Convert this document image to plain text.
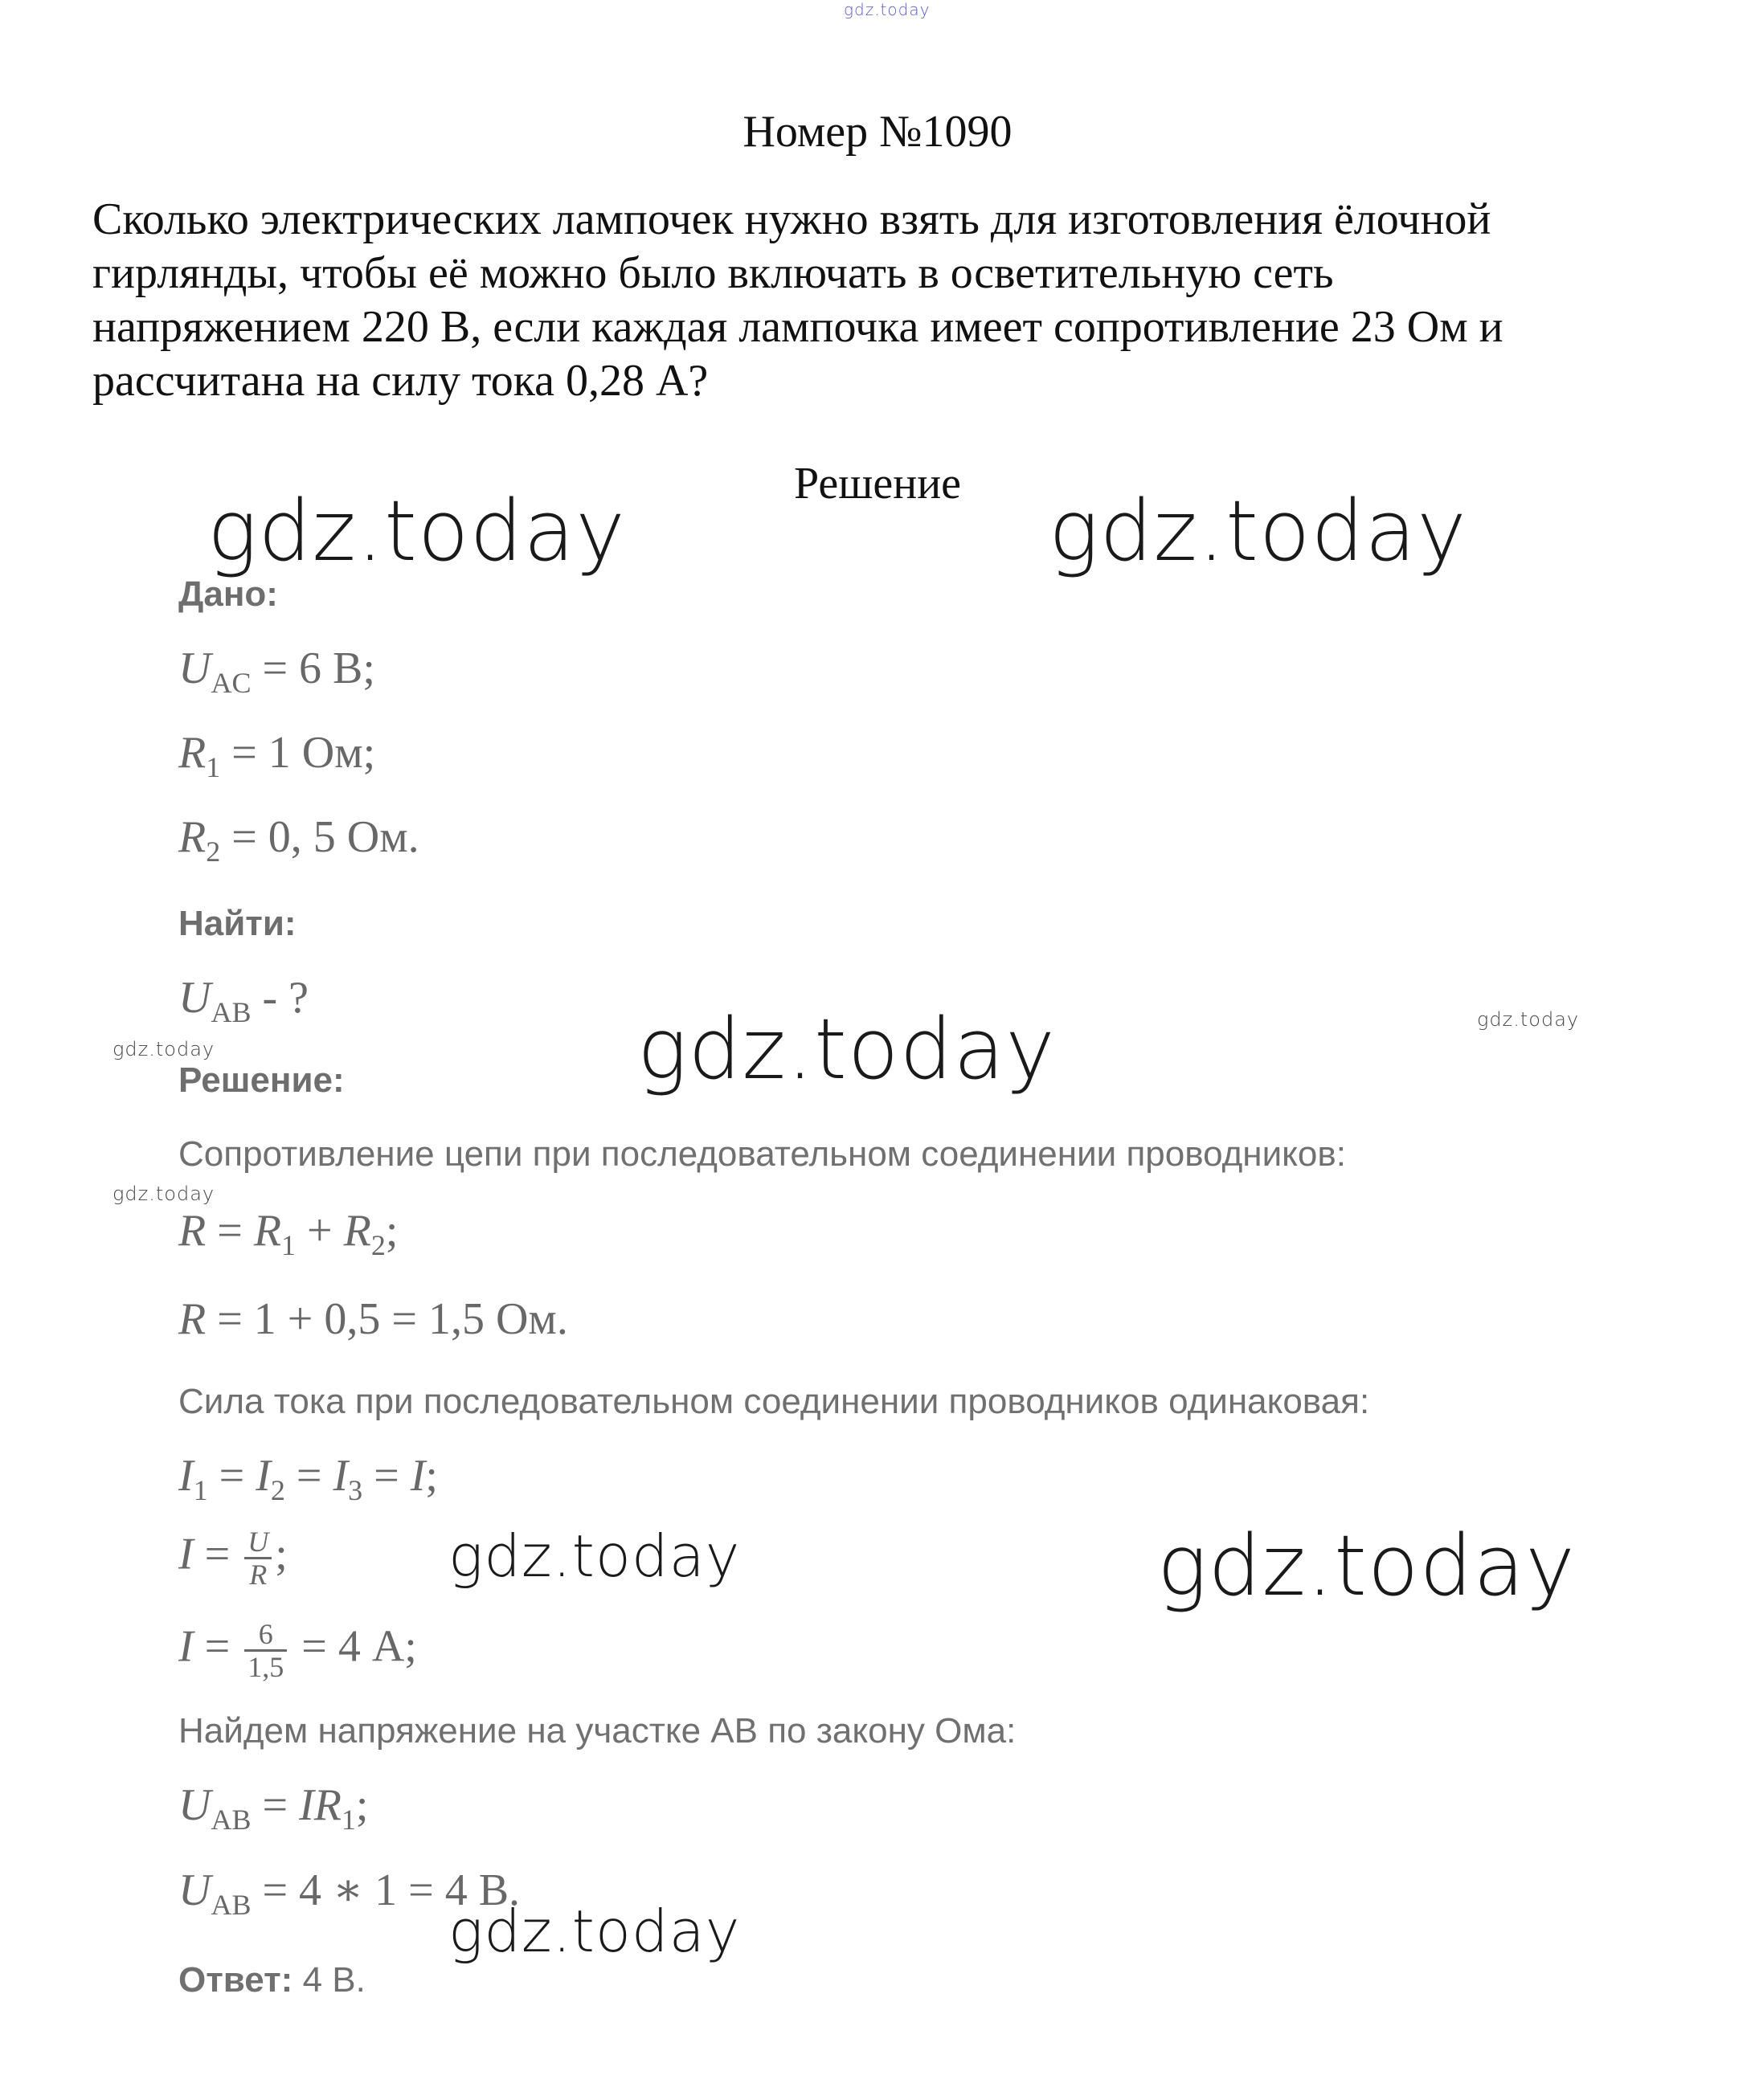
gdz.today
gdz.today	gdz.today
gdz.today	gdz.today
gdz.today
gdz.today
gdz.today	gdz.today
gdz.today
Номер №1090
Сколько электрических лампочек нужно взять для изготовления ёлочной
гирлянды, чтобы её можно было включать в осветительную сеть
напряжением 220 В, если каждая лампочка имеет сопротивление 23 Ом и
рассчитана на силу тока 0,28 А?
Решение
Дано:
$U_{AC} = 6$ В;
$R_1 = 1$ Ом;
$R_2 = 0$, 5 Ом.
Найти:
$U_{AB}$ - ?
Решение:
Сопротивление цепи при последовательном соединении проводников:
$R = R_1 + R_2$;
R = 1 + 0,5 = 1,5 Ом.
Сила тока при последовательном соединении проводников одинаковая:
$I_1 = I_2 = I_3 = I$;
$I = \frac{U}{R}$ ;
$I = \frac{6}{1,5} = 4$ А;
Найдем напряжение на участке АВ по закону Ома:
$U_{AB} = IR_1$;
$U_{AB} = 4$ ∗ 1 = 4 В.
Ответ: 4 В.
